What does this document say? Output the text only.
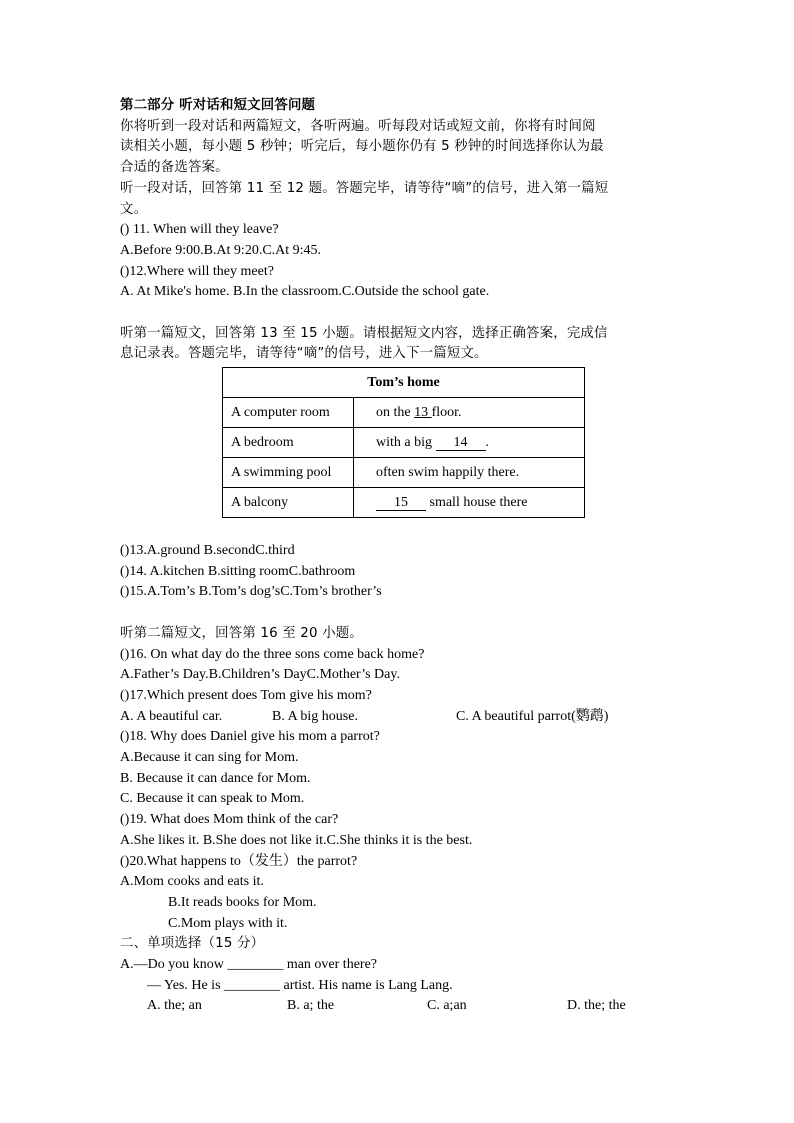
第二部分 听对话和短文回答问题
你将听到一段对话和两篇短文，各听两遍。听每段对话或短文前，你将有时间阅
读相关小题，每小题 5 秒钟；听完后，每小题你仍有 5 秒钟的时间选择你认为最
合适的备选答案。
听一段对话，回答第 11 至 12 题。答题完毕，请等待“嘀”的信号，进入第一篇短
文。
() 11. When will they leave?
A.Before 9:00.B.At 9:20.C.At 9:45.
()12.Where will they meet?
A. At Mike's home. B.In the classroom.C.Outside the school gate.
听第一篇短文，回答第 13 至 15 小题。请根据短文内容，选择正确答案，完成信
息记录表。答题完毕，请等待“嘀”的信号，进入下一篇短文。
Tom’s home	
A computer room	on the 13 floor.
A bedroom	with a big 14 .
A swimming pool	often swim happily there.
A balcony	15 small house there
()13.A.ground B.secondC.third
()14. A.kitchen B.sitting roomC.bathroom
()15.A.Tom’s B.Tom’s dog’sC.Tom’s brother’s
听第二篇短文，回答第 16 至 20 小题。
()16. On what day do the three sons come back home?
A.Father’s Day.B.Children’s DayC.Mother’s Day.
()17.Which present does Tom give his mom?
A. A beautiful car.	B. A big house.	C. A beautiful parrot(鹦鹉)
()18. Why does Daniel give his mom a parrot?
A.Because it can sing for Mom.
B. Because it can dance for Mom.
C. Because it can speak to Mom.
()19. What does Mom think of the car?
A.She likes it. B.She does not like it.C.She thinks it is the best.
()20.What happens to（发生）the parrot?
A.Mom cooks and eats it.
B.It reads books for Mom.
C.Mom plays with it.
二、单项选择（15 分）
A.—Do you know ________ man over there?
— Yes. He is ________ artist. His name is Lang Lang.
A. the; an	B. a; the	C. a;an	D. the; the
